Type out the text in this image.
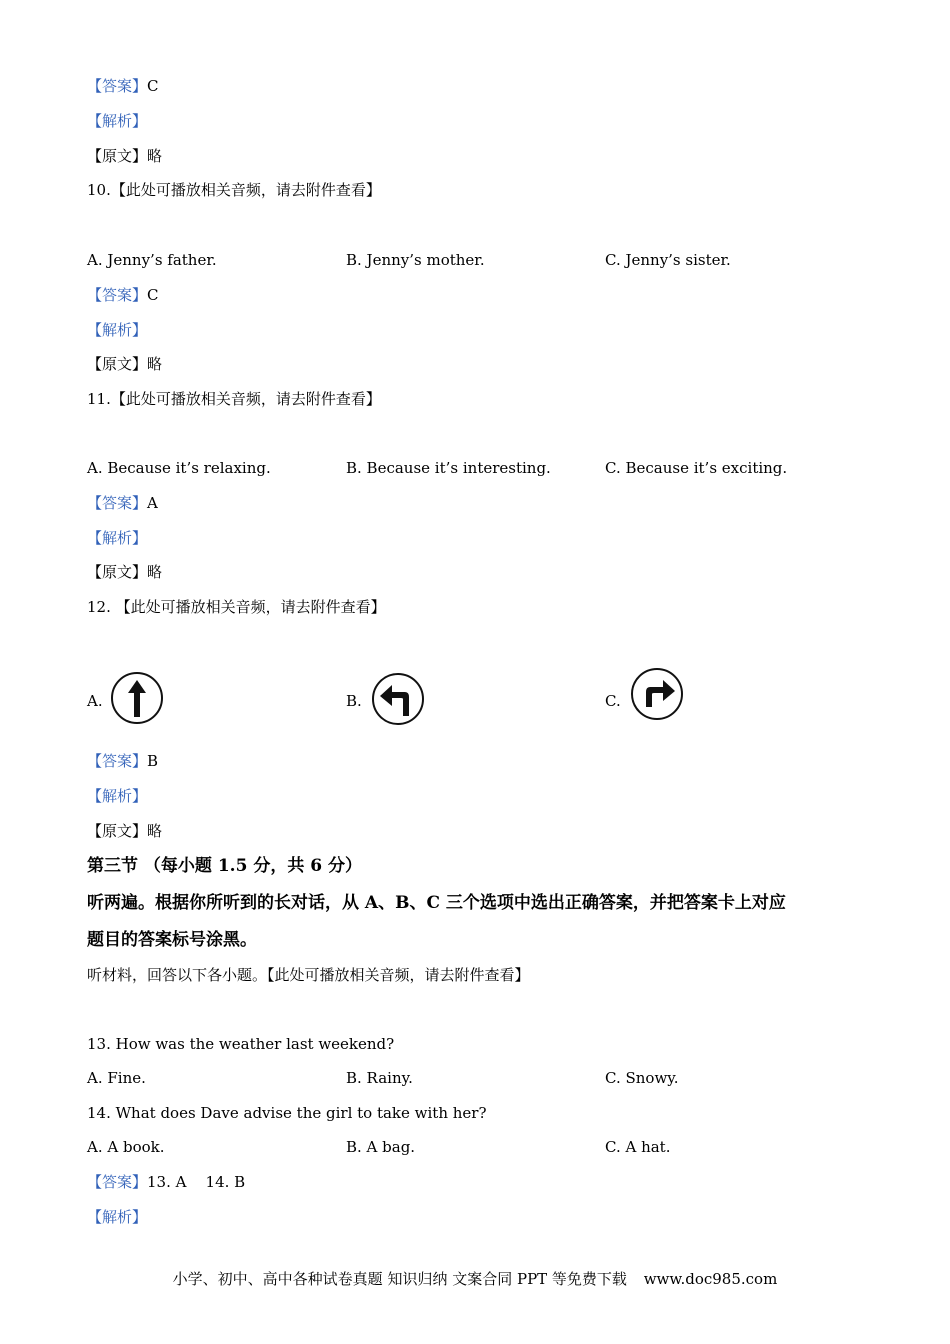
【答案】C
【解析】
【原文】略
10.【此处可播放相关音频，请去附件查看】
A. Jenny’s father.	B. Jenny’s mother.	C. Jenny’s sister.
【答案】C
【解析】
【原文】略
11.【此处可播放相关音频，请去附件查看】
A. Because it’s relaxing.	B. Because it’s interesting.	C. Because it’s exciting.
【答案】A
【解析】
【原文】略
12. 【此处可播放相关音频，请去附件查看】
A.	B.	C.
【答案】B
【解析】
【原文】略
第三节 （每小题 1.5 分，共 6 分）
听两遍。根据你所听到的长对话，从 A、B、C 三个选项中选出正确答案，并把答案卡上对应
题目的答案标号涂黑。
听材料，回答以下各小题。【此处可播放相关音频，请去附件查看】
13. How was the weather last weekend?
A. Fine.	B. Rainy.	C. Snowy.
14. What does Dave advise the girl to take with her?
A. A book.	B. A bag.	C. A hat.
【答案】13. A    14. B
【解析】
小学、初中、高中各种试卷真题 知识归纳 文案合同 PPT 等免费下载 www.doc985.com
